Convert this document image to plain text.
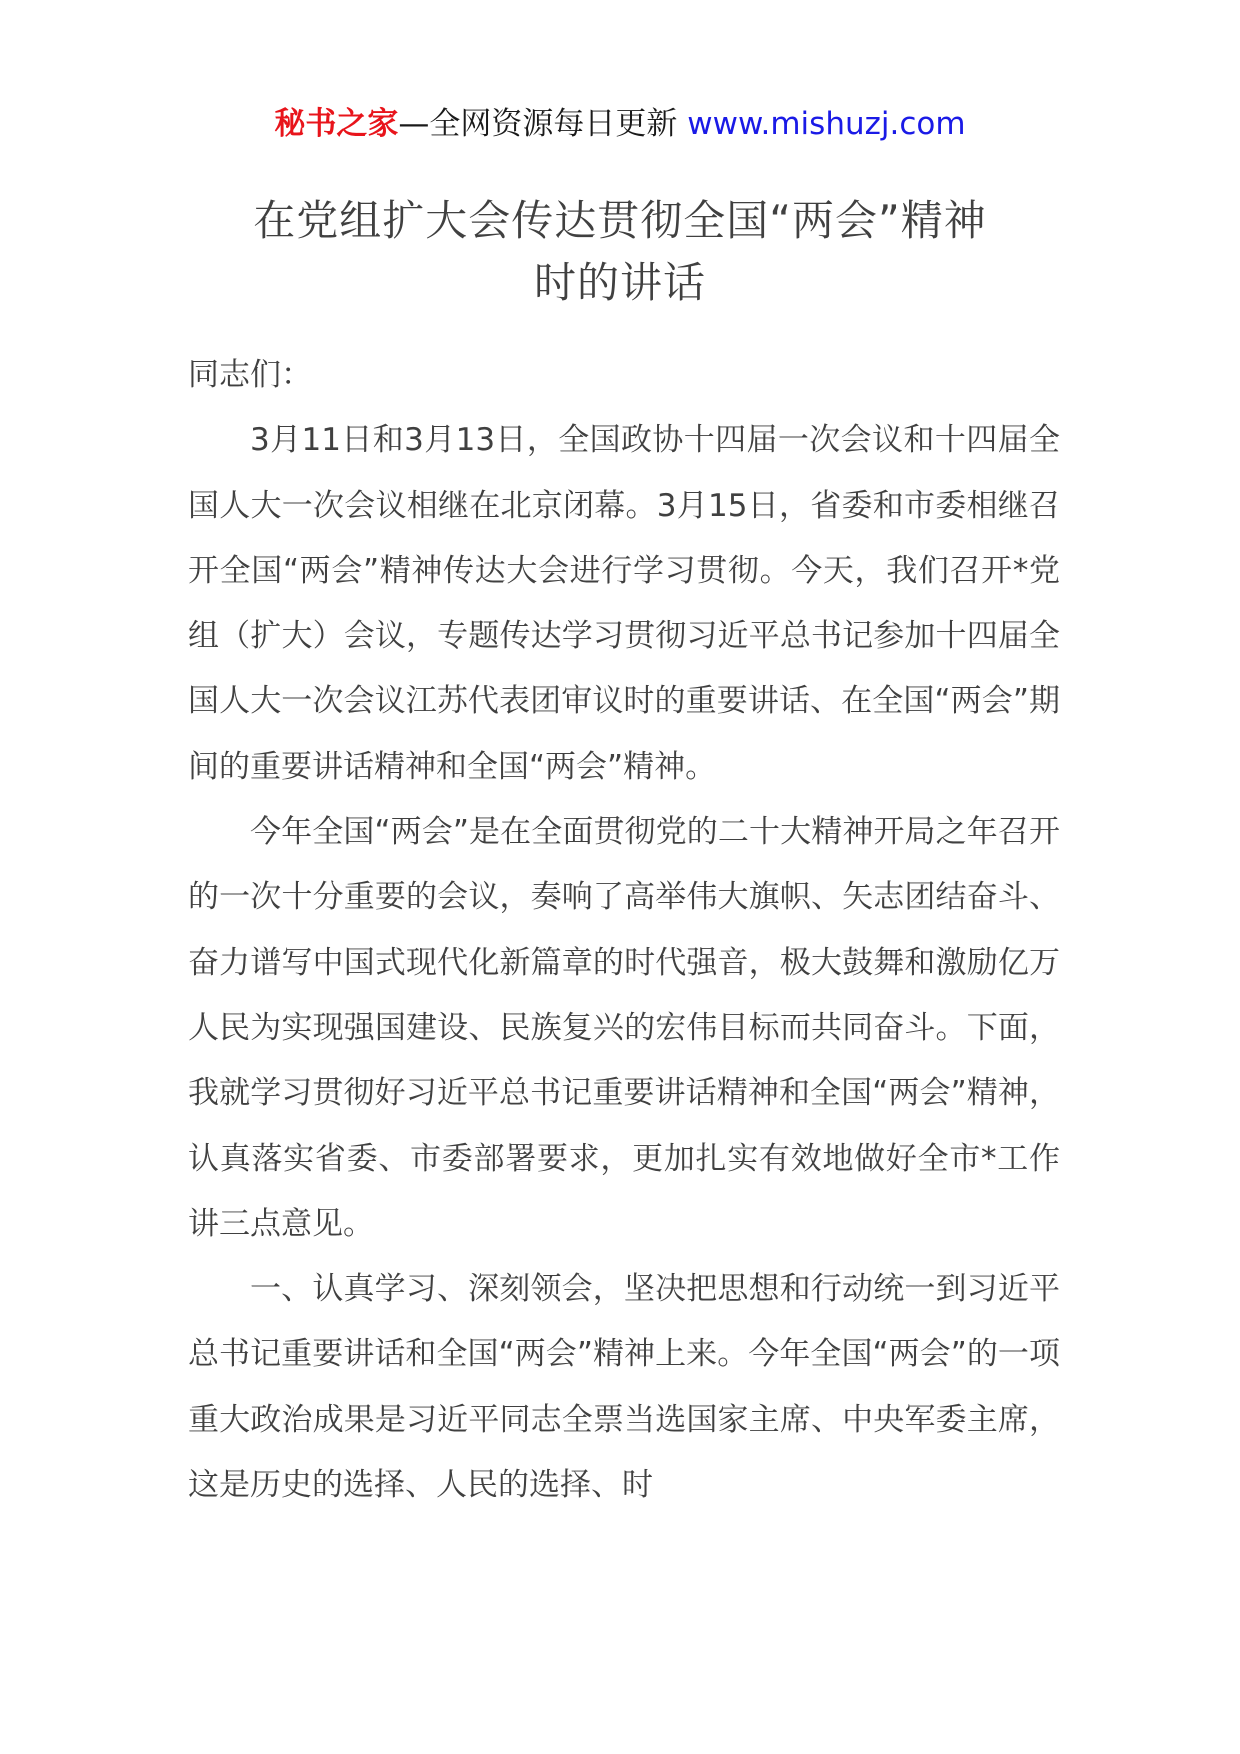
秘书之家—全网资源每日更新 www.mishuzj.com
在党组扩大会传达贯彻全国“两会”精神
时的讲话

同志们：

3月11日和3月13日，全国政协十四届一次会议和十四届全国人大一次会议相继在北京闭幕。3月15日，省委和市委相继召开全国“两会”精神传达大会进行学习贯彻。今天，我们召开*党组（扩大）会议，专题传达学习贯彻习近平总书记参加十四届全国人大一次会议江苏代表团审议时的重要讲话、在全国“两会”期间的重要讲话精神和全国“两会”精神。

今年全国“两会”是在全面贯彻党的二十大精神开局之年召开的一次十分重要的会议，奏响了高举伟大旗帜、矢志团结奋斗、奋力谱写中国式现代化新篇章的时代强音，极大鼓舞和激励亿万人民为实现强国建设、民族复兴的宏伟目标而共同奋斗。下面，我就学习贯彻好习近平总书记重要讲话精神和全国“两会”精神，认真落实省委、市委部署要求，更加扎实有效地做好全市*工作讲三点意见。

一、认真学习、深刻领会，坚决把思想和行动统一到习近平总书记重要讲话和全国“两会”精神上来。今年全国“两会”的一项重大政治成果是习近平同志全票当选国家主席、中央军委主席，这是历史的选择、人民的选择、时
